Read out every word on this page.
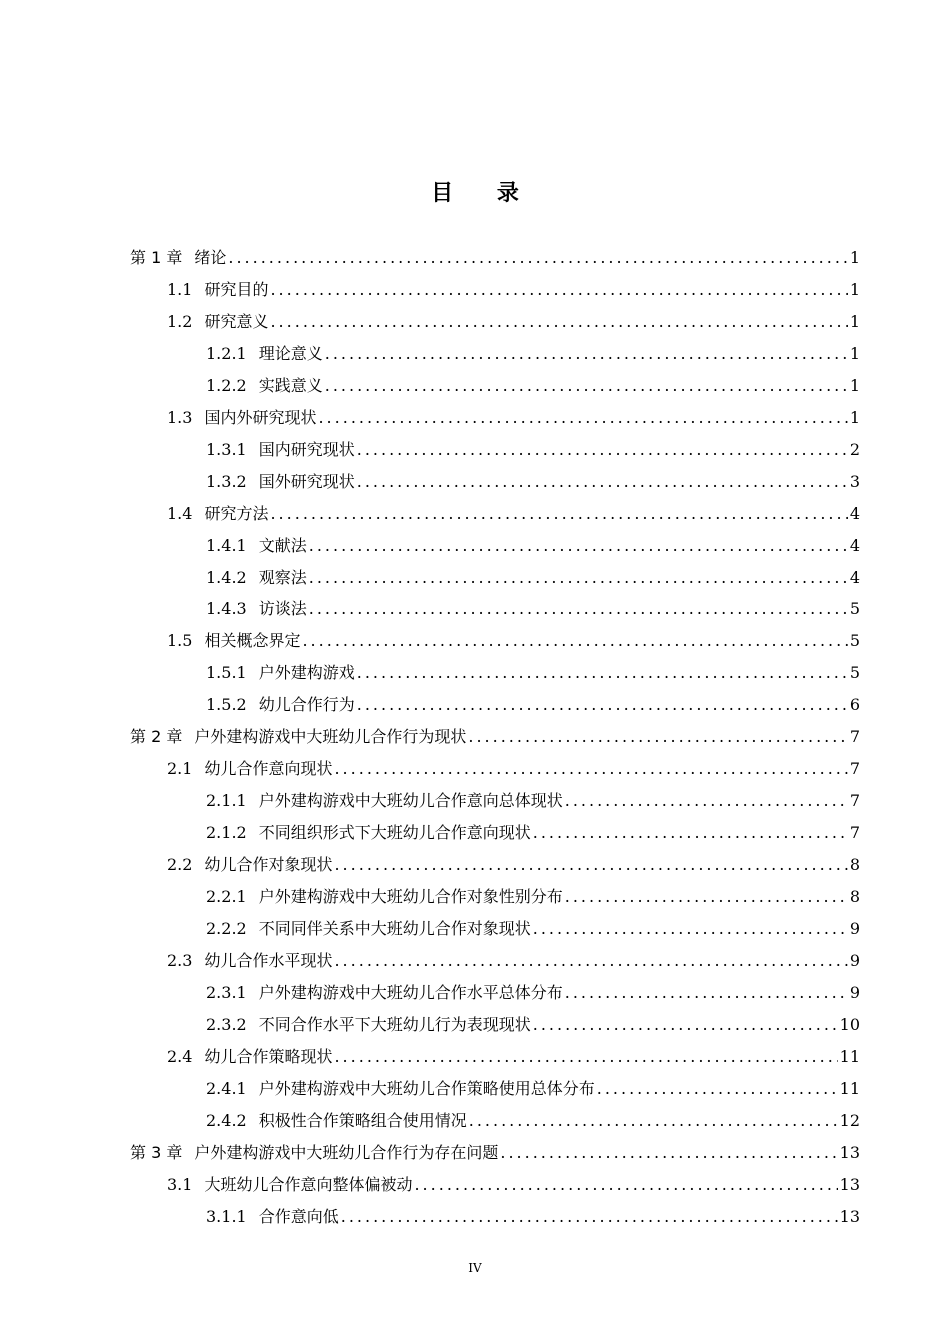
目 录
第 1 章 绪论 .....	1
1.1 研究目的 .....	1
1.2 研究意义 .....	1
1.2.1 理论意义 .....	1
1.2.2 实践意义 .....	1
1.3 国内外研究现状 .....	1
1.3.1 国内研究现状 .....	2
1.3.2 国外研究现状 .....	3
1.4 研究方法 .....	4
1.4.1 文献法 .....	4
1.4.2 观察法 .....	4
1.4.3 访谈法 .....	5
1.5 相关概念界定 .....	5
1.5.1 户外建构游戏 .....	5
1.5.2 幼儿合作行为 .....	6
第 2 章 户外建构游戏中大班幼儿合作行为现状 .....	7
2.1 幼儿合作意向现状 .....	7
2.1.1 户外建构游戏中大班幼儿合作意向总体现状 .....	7
2.1.2 不同组织形式下大班幼儿合作意向现状 .....	7
2.2 幼儿合作对象现状 .....	8
2.2.1 户外建构游戏中大班幼儿合作对象性别分布 .....	8
2.2.2 不同同伴关系中大班幼儿合作对象现状 .....	9
2.3 幼儿合作水平现状 .....	9
2.3.1 户外建构游戏中大班幼儿合作水平总体分布 .....	9
2.3.2 不同合作水平下大班幼儿行为表现现状 .....	10
2.4 幼儿合作策略现状 .....	11
2.4.1 户外建构游戏中大班幼儿合作策略使用总体分布 .....	11
2.4.2 积极性合作策略组合使用情况 .....	12
第 3 章 户外建构游戏中大班幼儿合作行为存在问题 .....	13
3.1 大班幼儿合作意向整体偏被动 .....	13
3.1.1 合作意向低 .....	13
IV
